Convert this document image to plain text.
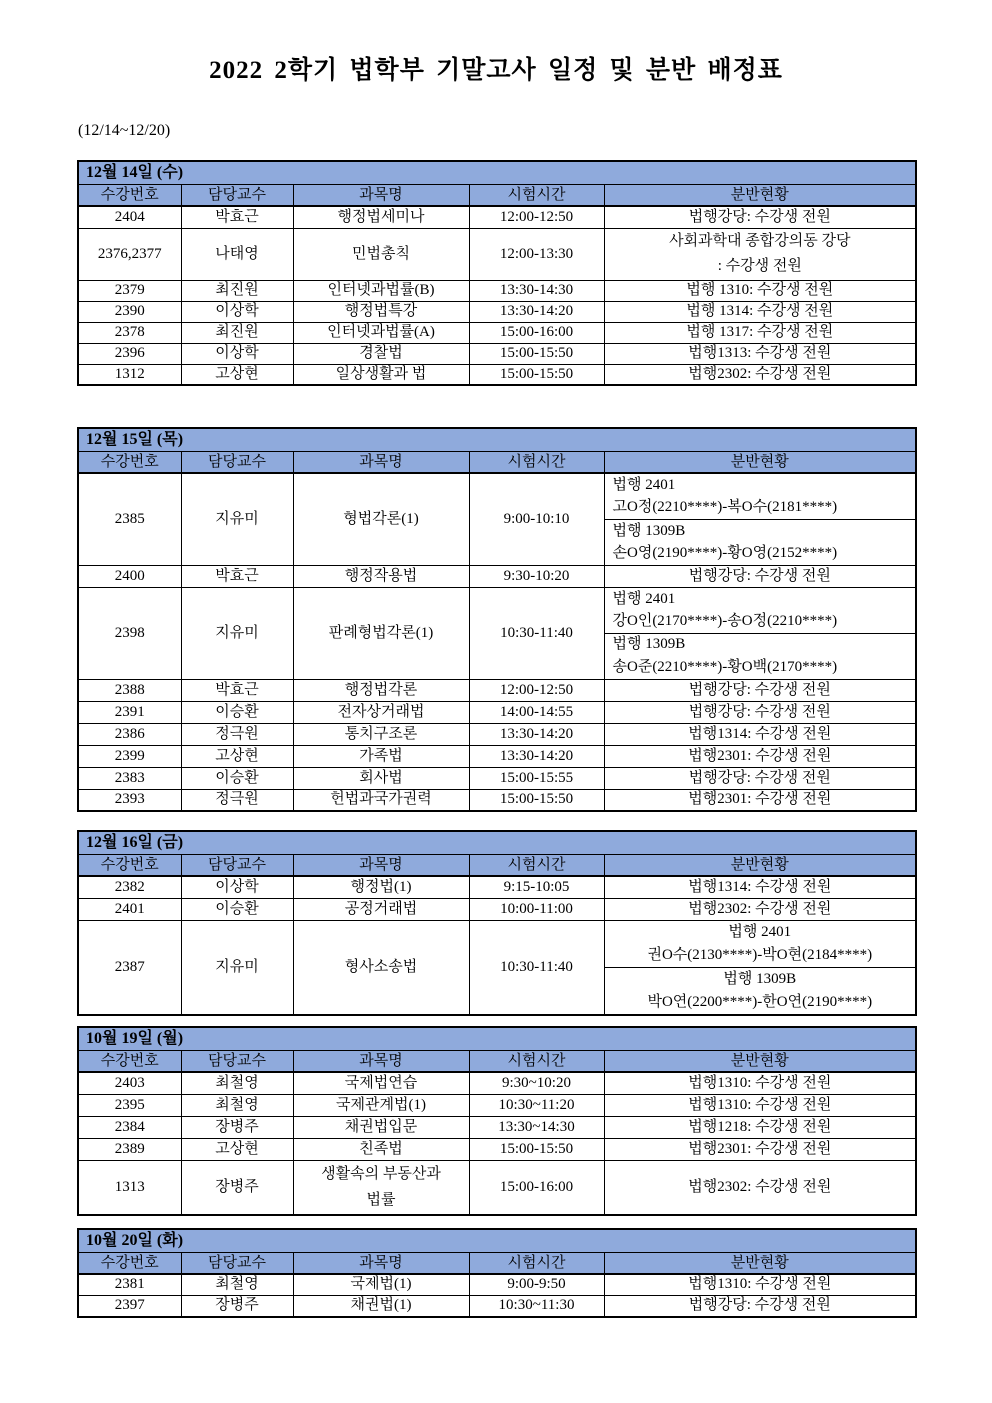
2022 2학기 법학부 기말고사 일정 및 분반 배정표
(12/14~12/20)
12월 14일 (수)				
수강번호	담당교수	과목명	시험시간	분반현황
2404	박효근	행정법세미나	12:00-12:50	법행강당: 수강생 전원
2376,2377	나태영	민법총칙	12:00-13:30	사회과학대 종합강의동 강당
: 수강생 전원

2379	최진원	인터넷과법률(B)	13:30-14:30	법행 1310: 수강생 전원
2390	이상학	행정법특강	13:30-14:20	법행 1314: 수강생 전원
2378	최진원	인터넷과법률(A)	15:00-16:00	법행 1317: 수강생 전원
2396	이상학	경찰법	15:00-15:50	법행1313: 수강생 전원
1312	고상현	일상생활과 법	15:00-15:50	법행2302: 수강생 전원
12월 15일 (목)				
수강번호	담당교수	과목명	시험시간	분반현황
2385	지유미	형법각론(1)	9:00-10:10	법행 2401
고O정(2210****)-복O수(2181****)
법행 1309B
손O영(2190****)-황O영(2152****)

2400	박효근	행정작용법	9:30-10:20	법행강당: 수강생 전원
2398	지유미	판례형법각론(1)	10:30-11:40	법행 2401
강O인(2170****)-송O정(2210****)
법행 1309B
송O준(2210****)-황O백(2170****)

2388	박효근	행정법각론	12:00-12:50	법행강당: 수강생 전원
2391	이승환	전자상거래법	14:00-14:55	법행강당: 수강생 전원
2386	정극원	통치구조론	13:30-14:20	법행1314: 수강생 전원
2399	고상현	가족법	13:30-14:20	법행2301: 수강생 전원
2383	이승환	회사법	15:00-15:55	법행강당: 수강생 전원
2393	정극원	헌법과국가권력	15:00-15:50	법행2301: 수강생 전원
12월 16일 (금)				
수강번호	담당교수	과목명	시험시간	분반현황
2382	이상학	행정법(1)	9:15-10:05	법행1314: 수강생 전원
2401	이승환	공정거래법	10:00-11:00	법행2302: 수강생 전원
2387	지유미	형사소송법	10:30-11:40	법행 2401
권O수(2130****)-박O현(2184****)
법행 1309B
박O연(2200****)-한O연(2190****)
10월 19일 (월)				
수강번호	담당교수	과목명	시험시간	분반현황
2403	최철영	국제법연습	9:30~10:20	법행1310: 수강생 전원
2395	최철영	국제관계법(1)	10:30~11:20	법행1310: 수강생 전원
2384	장병주	채권법입문	13:30~14:30	법행1218: 수강생 전원
2389	고상현	친족법	15:00-15:50	법행2301: 수강생 전원
1313	장병주	생활속의 부동산과
법률	15:00-16:00	법행2302: 수강생 전원
10월 20일 (화)				
수강번호	담당교수	과목명	시험시간	분반현황
2381	최철영	국제법(1)	9:00-9:50	법행1310: 수강생 전원
2397	장병주	채권법(1)	10:30~11:30	법행강당: 수강생 전원
